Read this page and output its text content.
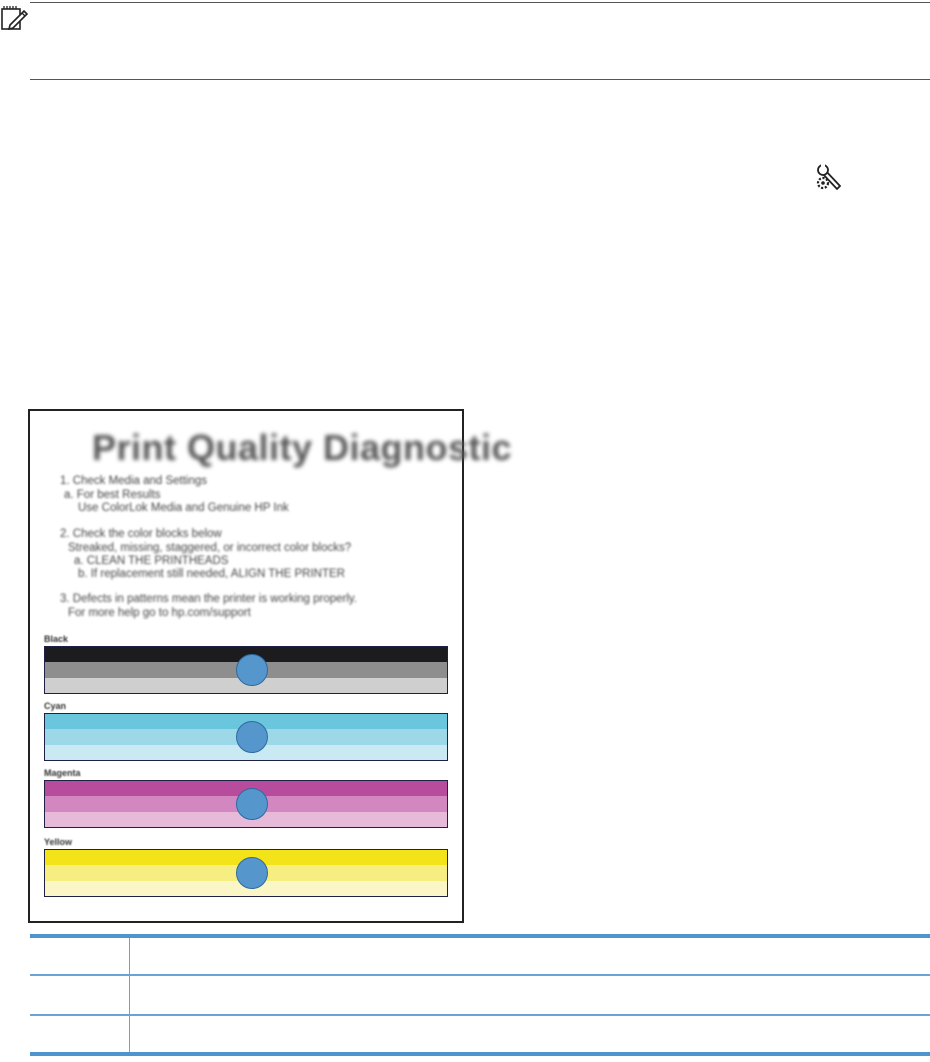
Print Quality Diagnostic
1. Check Media and Settings
a. For best Results
Use ColorLok Media and Genuine HP Ink
2. Check the color blocks below
Streaked, missing, staggered, or incorrect color blocks?
a. CLEAN THE PRINTHEADS
b. If replacement still needed, ALIGN THE PRINTER
3. Defects in patterns mean the printer is working properly.
For more help go to hp.com/support
Black
Cyan
Magenta
Yellow
